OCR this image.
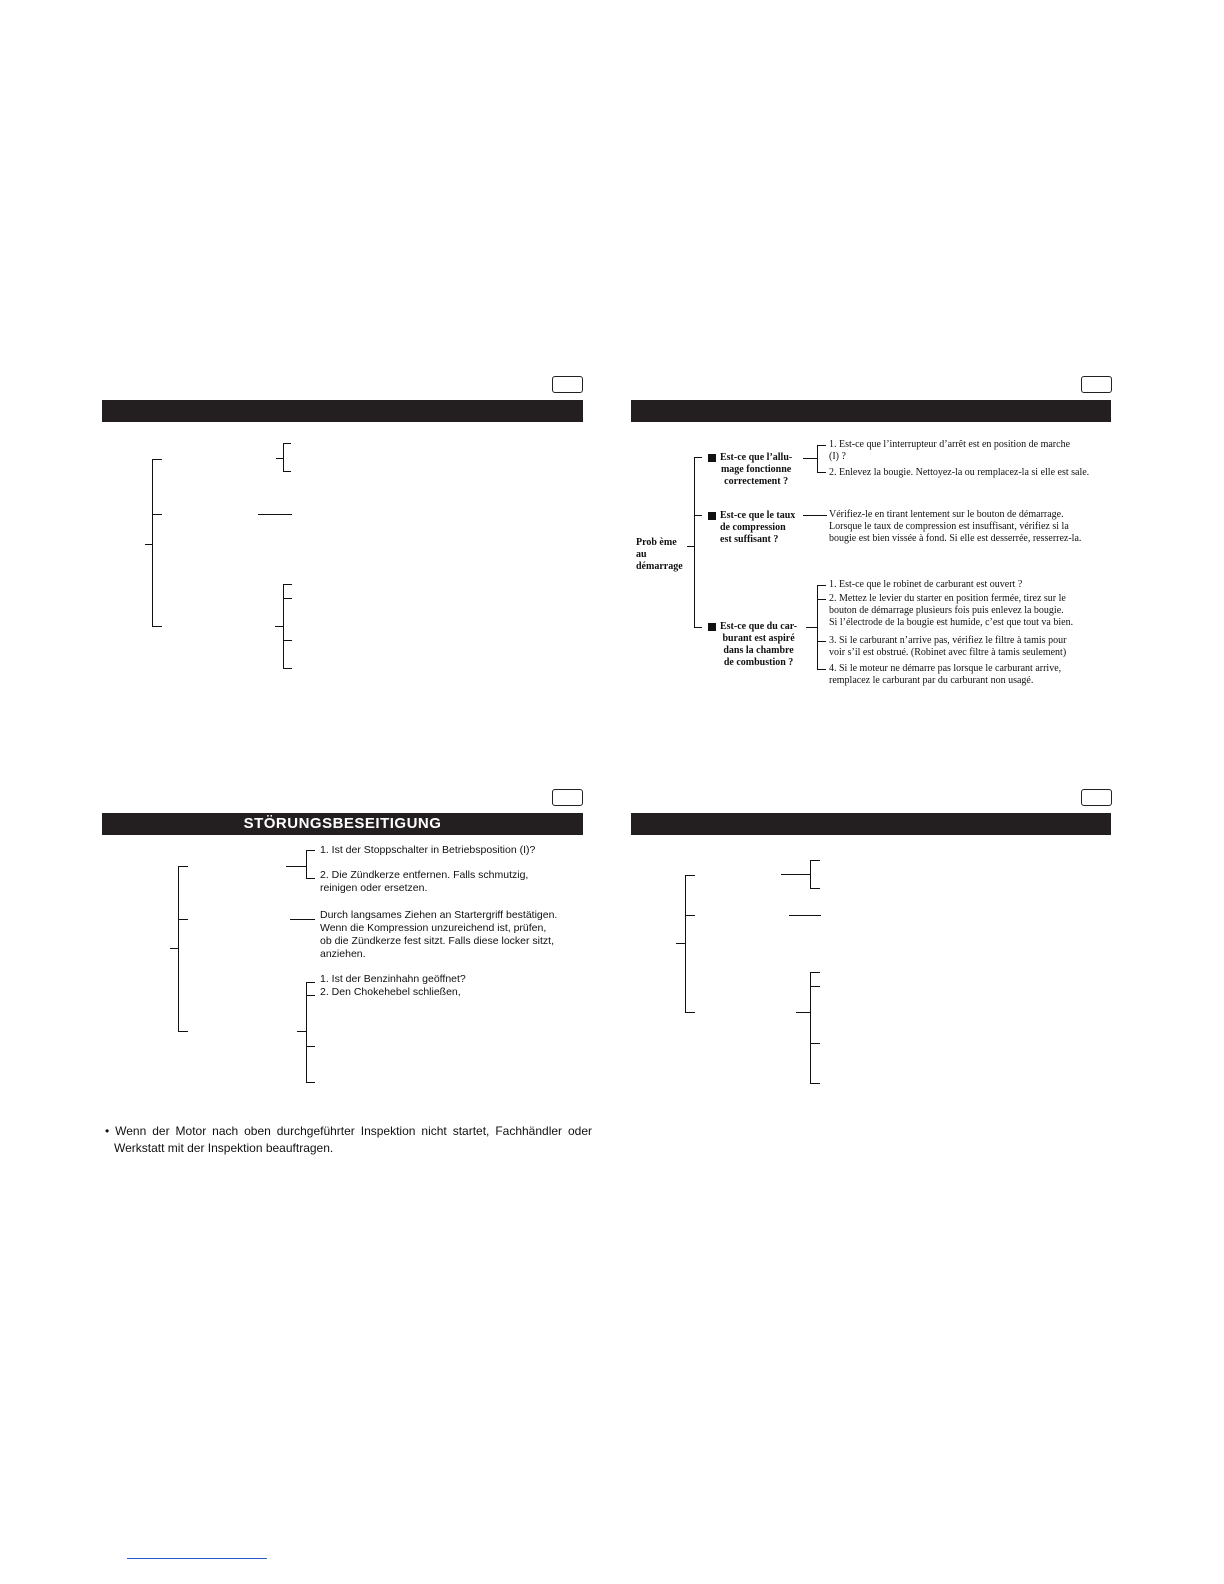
Prob ème
au
démarrage
Est-ce que l’allu-
mage fonctionne
correctement ?
1. Est-ce que l’interrupteur d’arrêt est en position de marche
(I) ?
2. Enlevez la bougie. Nettoyez-la ou remplacez-la si elle est sale.
Est-ce que le taux
de compression
est suffisant ?
Vérifiez-le en tirant lentement sur le bouton de démarrage.
Lorsque le taux de compression est insuffisant, vérifiez si la
bougie est bien vissée à fond. Si elle est desserrée, resserrez-la.
Est-ce que du car-
burant est aspiré
dans la chambre
de combustion ?
1. Est-ce que le robinet de carburant est ouvert ?
2. Mettez le levier du starter en position fermée, tirez sur le
bouton de démarrage plusieurs fois puis enlevez la bougie.
Si l’électrode de la bougie est humide, c’est que tout va bien.
3. Si le carburant n’arrive pas, vérifiez le filtre à tamis pour
voir s’il est obstrué. (Robinet avec filtre à tamis seulement)
4. Si le moteur ne démarre pas lorsque le carburant arrive,
remplacez le carburant par du carburant non usagé.
STÖRUNGSBESEITIGUNG
1. Ist der Stoppschalter in Betriebsposition (I)?
2. Die Zündkerze entfernen. Falls schmutzig,
reinigen oder ersetzen.
Durch langsames Ziehen an Startergriff bestätigen.
Wenn die Kompression unzureichend ist, prüfen,
ob die Zündkerze fest sitzt. Falls diese locker sitzt,
anziehen.
1. Ist der Benzinhahn geöffnet?
2. Den Chokehebel schließen,
• Wenn der Motor nach oben durchgeführter Inspektion nicht startet, Fachhändler oder Werkstatt mit der Inspektion beauftragen.
